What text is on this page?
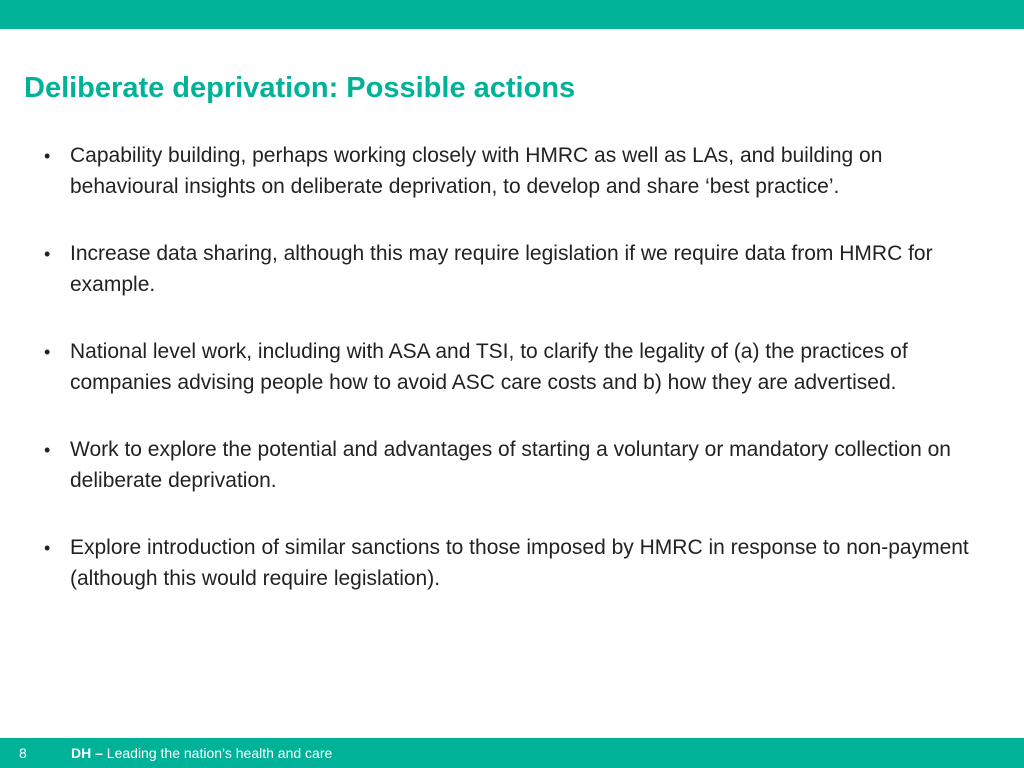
Deliberate deprivation: Possible actions
• Capability building, perhaps working closely with HMRC as well as LAs, and building on behavioural insights on deliberate deprivation, to develop and share ‘best practice’.
• Increase data sharing, although this may require legislation if we require data from HMRC for example.
• National level work, including with ASA and TSI, to clarify the legality of (a) the practices of companies advising people how to avoid ASC care costs and b) how they are advertised.
• Work to explore the potential and advantages of starting a voluntary or mandatory collection on deliberate deprivation.
• Explore introduction of similar sanctions to those imposed by HMRC in response to non-payment (although this would require legislation).
8	DH – Leading the nation’s health and care
